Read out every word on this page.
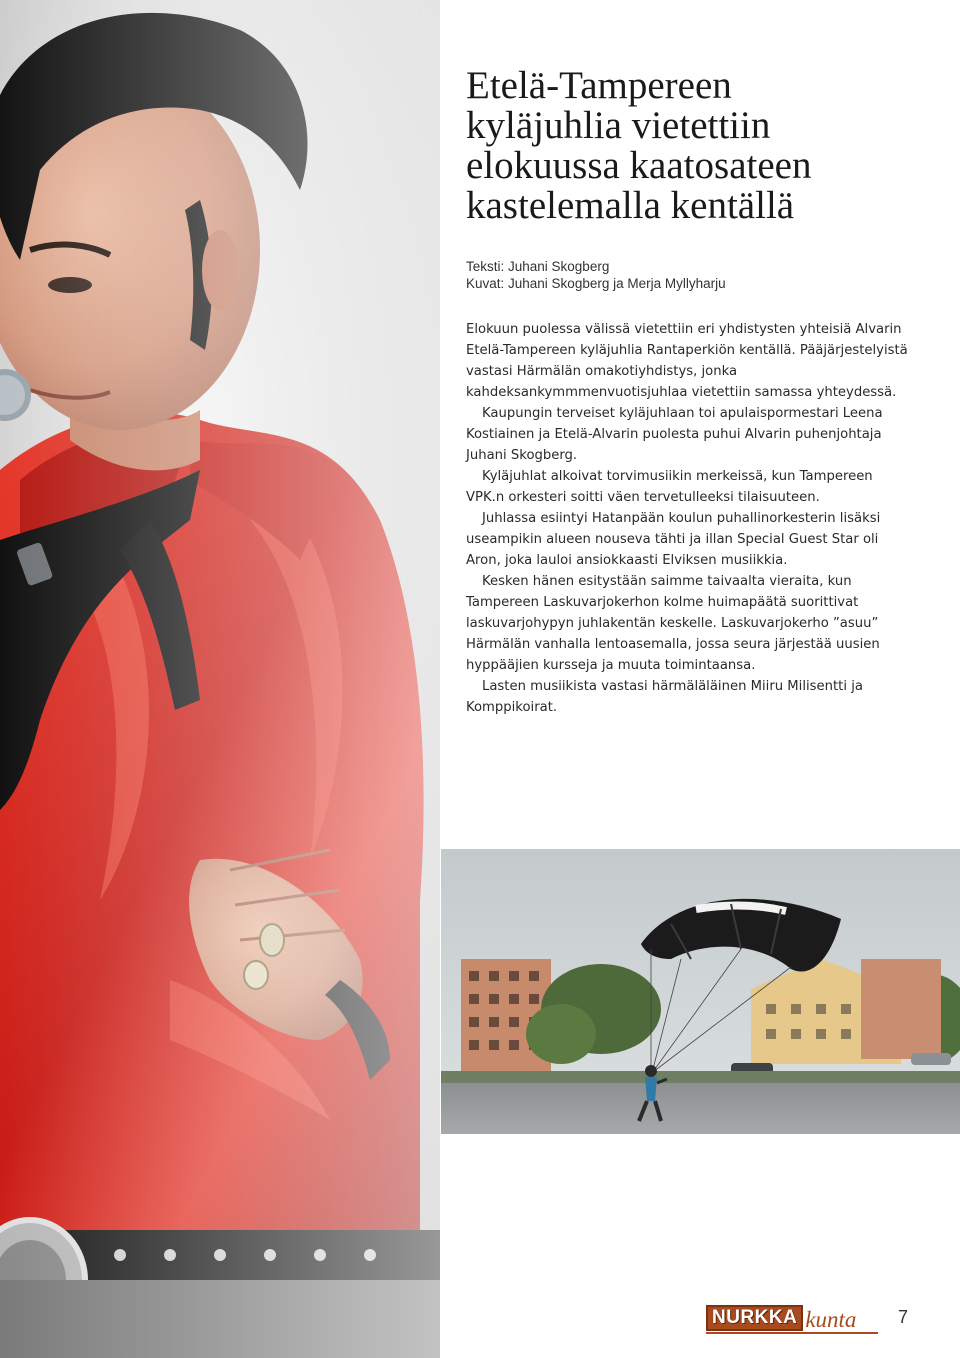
Etelä-Tampereen
kyläjuhlia vietettiin
elokuussa kaatosateen
kastelemalla kentällä
Teksti: Juhani Skogberg
Kuvat: Juhani Skogberg ja Merja Myllyharju

Elokuun puolessa välissä vietettiin eri yhdistysten yhteisiä Alvarin Etelä-Tampereen kyläjuhlia Rantaperkiön kentällä. Pääjärjestelyistä vastasi Härmälän omakotiyhdistys, jonka kahdeksankymmmenvuotisjuhlaa vietettiin samassa yhteydessä.

Kaupungin terveiset kyläjuhlaan toi apulaispormestari Leena Kostiainen ja Etelä-Alvarin puolesta puhui Alvarin puhenjohtaja Juhani Skogberg.

Kyläjuhlat alkoivat torvimusiikin merkeissä, kun Tampereen VPK.n orkesteri soitti väen tervetulleeksi tilaisuuteen.

Juhlassa esiintyi Hatanpään koulun puhallinorkesterin lisäksi useampikin alueen nouseva tähti ja illan Special Guest Star oli Aron, joka lauloi ansiokkaasti Elviksen musiikkia.

Kesken hänen esitystään saimme taivaalta vieraita, kun Tampereen Laskuvarjokerhon kolme huimapäätä suorittivat laskuvarjohypyn juhlakentän keskelle. Laskuvarjokerho ”asuu” Härmälän vanhalla lentoasemalla, jossa seura järjestää uusien hyppääjien kursseja ja muuta toimintaansa.

Lasten musiikista vastasi härmäläläinen Miiru Milisentti ja Komppikoirat.

NURKKA kunta 7
